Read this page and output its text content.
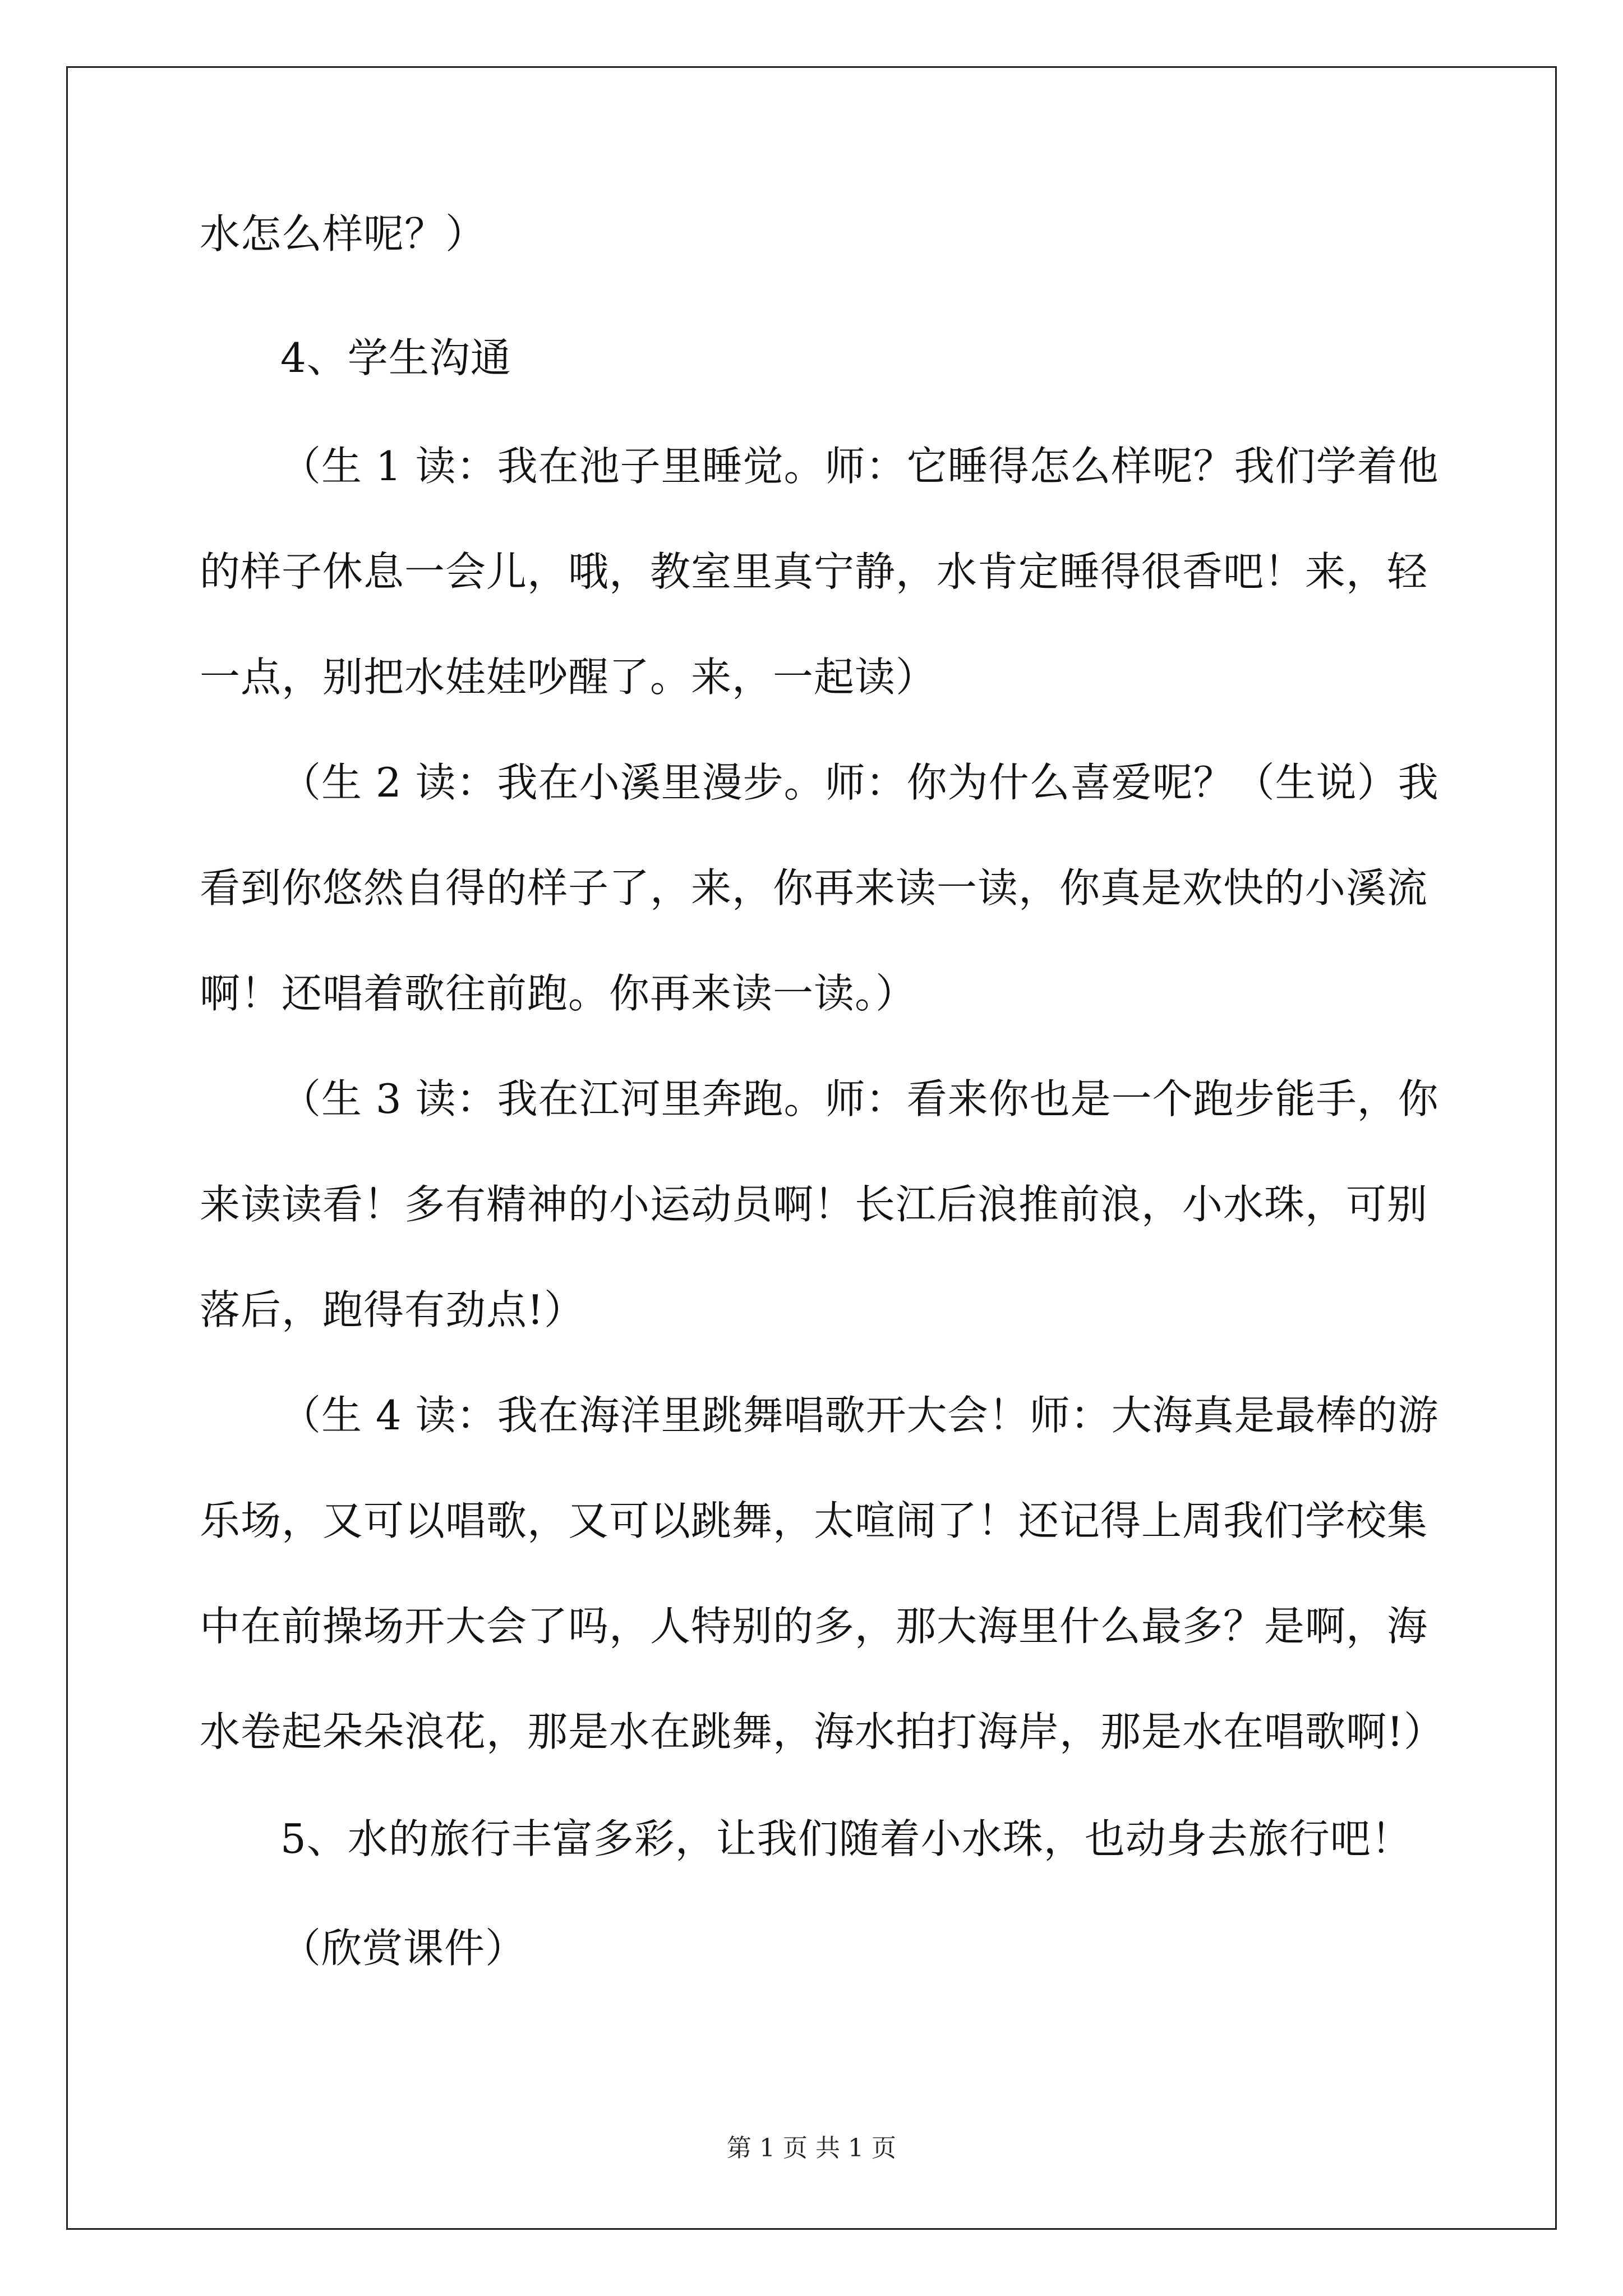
水怎么样呢？）
4、学生沟通
（生 1 读：我在池子里睡觉。师：它睡得怎么样呢？我们学着他
的样子休息一会儿，哦，教室里真宁静，水肯定睡得很香吧！来，轻
一点，别把水娃娃吵醒了。来，一起读）
（生 2 读：我在小溪里漫步。师：你为什么喜爱呢？（生说）我
看到你悠然自得的样子了，来，你再来读一读，你真是欢快的小溪流
啊！还唱着歌往前跑。你再来读一读。）
（生 3 读：我在江河里奔跑。师：看来你也是一个跑步能手，你
来读读看！多有精神的小运动员啊！长江后浪推前浪，小水珠，可别
落后，跑得有劲点!）
（生 4 读：我在海洋里跳舞唱歌开大会！师：大海真是最棒的游
乐场，又可以唱歌，又可以跳舞，太喧闹了！还记得上周我们学校集
中在前操场开大会了吗，人特别的多，那大海里什么最多？是啊，海
水卷起朵朵浪花，那是水在跳舞，海水拍打海岸，那是水在唱歌啊!）
5、水的旅行丰富多彩，让我们随着小水珠，也动身去旅行吧！
（欣赏课件）
第 1 页 共 1 页
